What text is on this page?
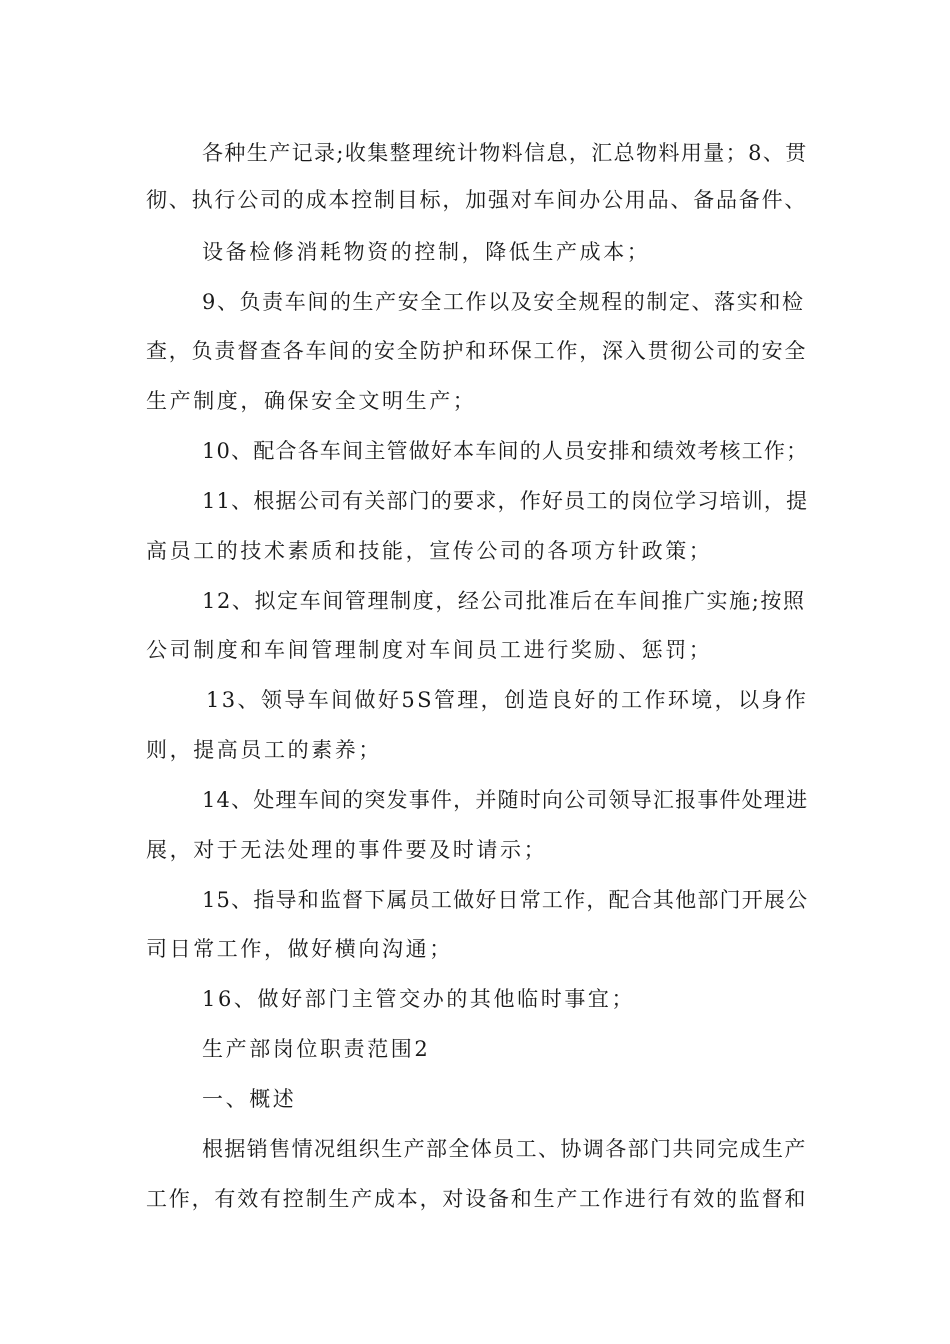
各种生产记录;收集整理统计物料信息，汇总物料用量；8、贯
彻、执行公司的成本控制目标，加强对车间办公用品、备品备件、
设备检修消耗物资的控制，降低生产成本；
9、负责车间的生产安全工作以及安全规程的制定、落实和检
查，负责督查各车间的安全防护和环保工作，深入贯彻公司的安全
生产制度，确保安全文明生产；
10、配合各车间主管做好本车间的人员安排和绩效考核工作；
11、根据公司有关部门的要求，作好员工的岗位学习培训，提
高员工的技术素质和技能，宣传公司的各项方针政策；
12、拟定车间管理制度，经公司批准后在车间推广实施;按照
公司制度和车间管理制度对车间员工进行奖励、惩罚；
13、领导车间做好5S管理，创造良好的工作环境，以身作
则，提高员工的素养；
14、处理车间的突发事件，并随时向公司领导汇报事件处理进
展，对于无法处理的事件要及时请示；
15、指导和监督下属员工做好日常工作，配合其他部门开展公
司日常工作，做好横向沟通；
16、做好部门主管交办的其他临时事宜；
生产部岗位职责范围2
一、概述
根据销售情况组织生产部全体员工、协调各部门共同完成生产
工作，有效有控制生产成本，对设备和生产工作进行有效的监督和
